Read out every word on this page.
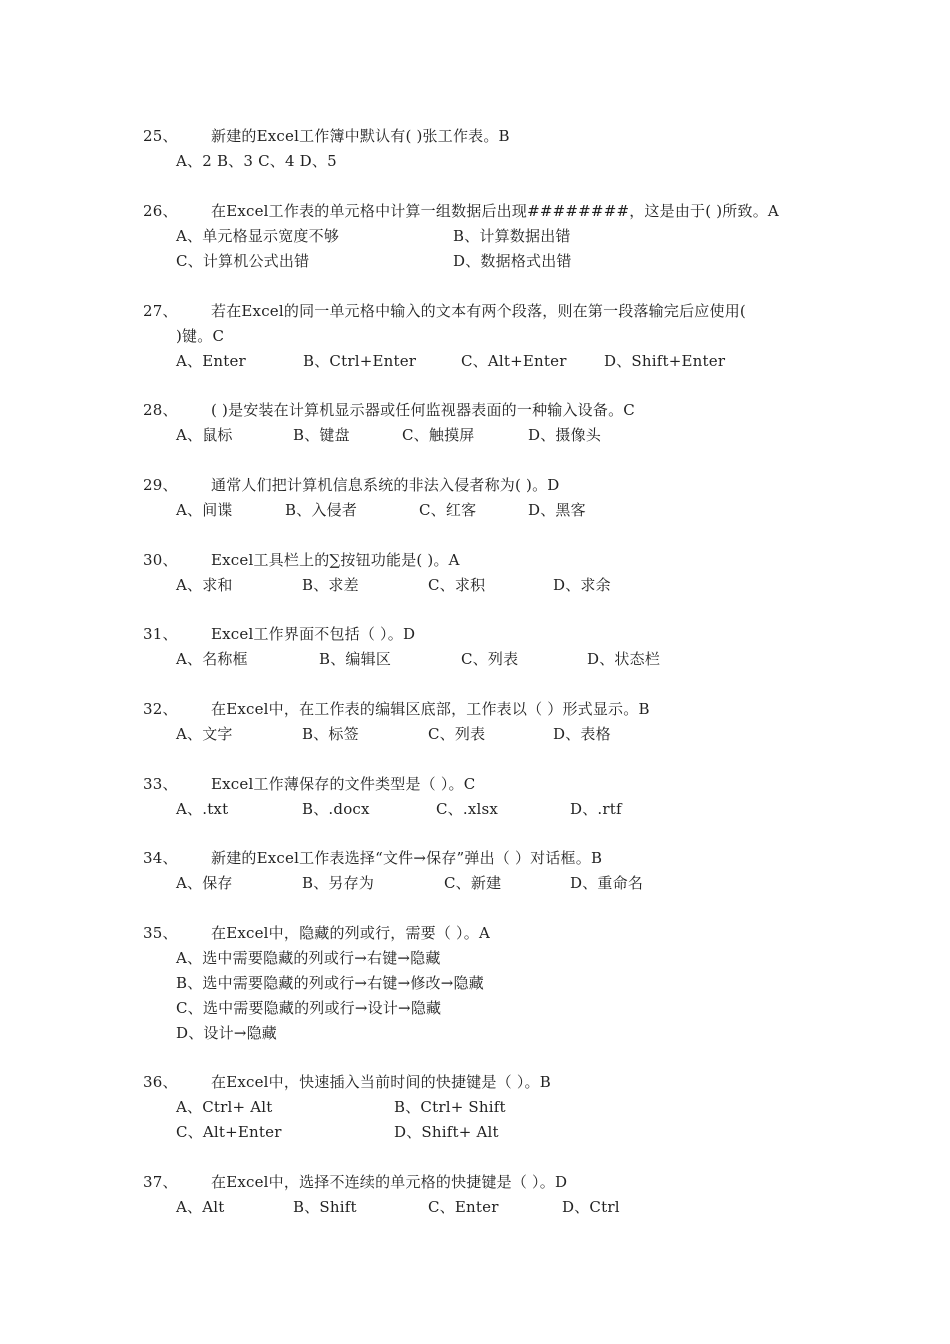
25、 新建的Excel工作簿中默认有( )张工作表。B
A、2 B、3 C、4 D、5
26、 在Excel工作表的单元格中计算一组数据后出现########，这是由于( )所致。A
A、单元格显示宽度不够	B、计算数据出错
C、计算机公式出错	D、数据格式出错
27、 若在Excel的同一单元格中输入的文本有两个段落，则在第一段落输完后应使用(
)键。C
A、Enter	B、Ctrl+Enter	C、Alt+Enter D、Shift+Enter
28、 ( )是安装在计算机显示器或任何监视器表面的一种输入设备。C
A、鼠标	B、键盘	C、触摸屏	D、摄像头
29、 通常人们把计算机信息系统的非法入侵者称为( )。D
A、间谍	B、入侵者	C、红客	D、黑客
30、 Excel工具栏上的∑按钮功能是( )。A
A、求和	B、求差	C、求积	D、求余
31、 Excel工作界面不包括（ ）。D
A、名称框	B、编辑区	C、列表	D、状态栏
32、 在Excel中，在工作表的编辑区底部，工作表以（ ）形式显示。B
A、文字	B、标签	C、列表	D、表格
33、 Excel工作薄保存的文件类型是（ ）。C
A、.txt	B、.docx	C、.xlsx	D、.rtf
34、 新建的Excel工作表选择“文件→保存”弹出（ ）对话框。B
A、保存	B、另存为	C、新建	D、重命名
35、 在Excel中，隐藏的列或行，需要（ ）。A
A、选中需要隐藏的列或行→右键→隐藏
B、选中需要隐藏的列或行→右键→修改→隐藏
C、选中需要隐藏的列或行→设计→隐藏
D、设计→隐藏
36、 在Excel中，快速插入当前时间的快捷键是（ ）。B
A、Ctrl+ Alt	B、Ctrl+ Shift
C、Alt+Enter	D、Shift+ Alt
37、 在Excel中，选择不连续的单元格的快捷键是（ ）。D
A、Alt	B、Shift	C、Enter	D、Ctrl
